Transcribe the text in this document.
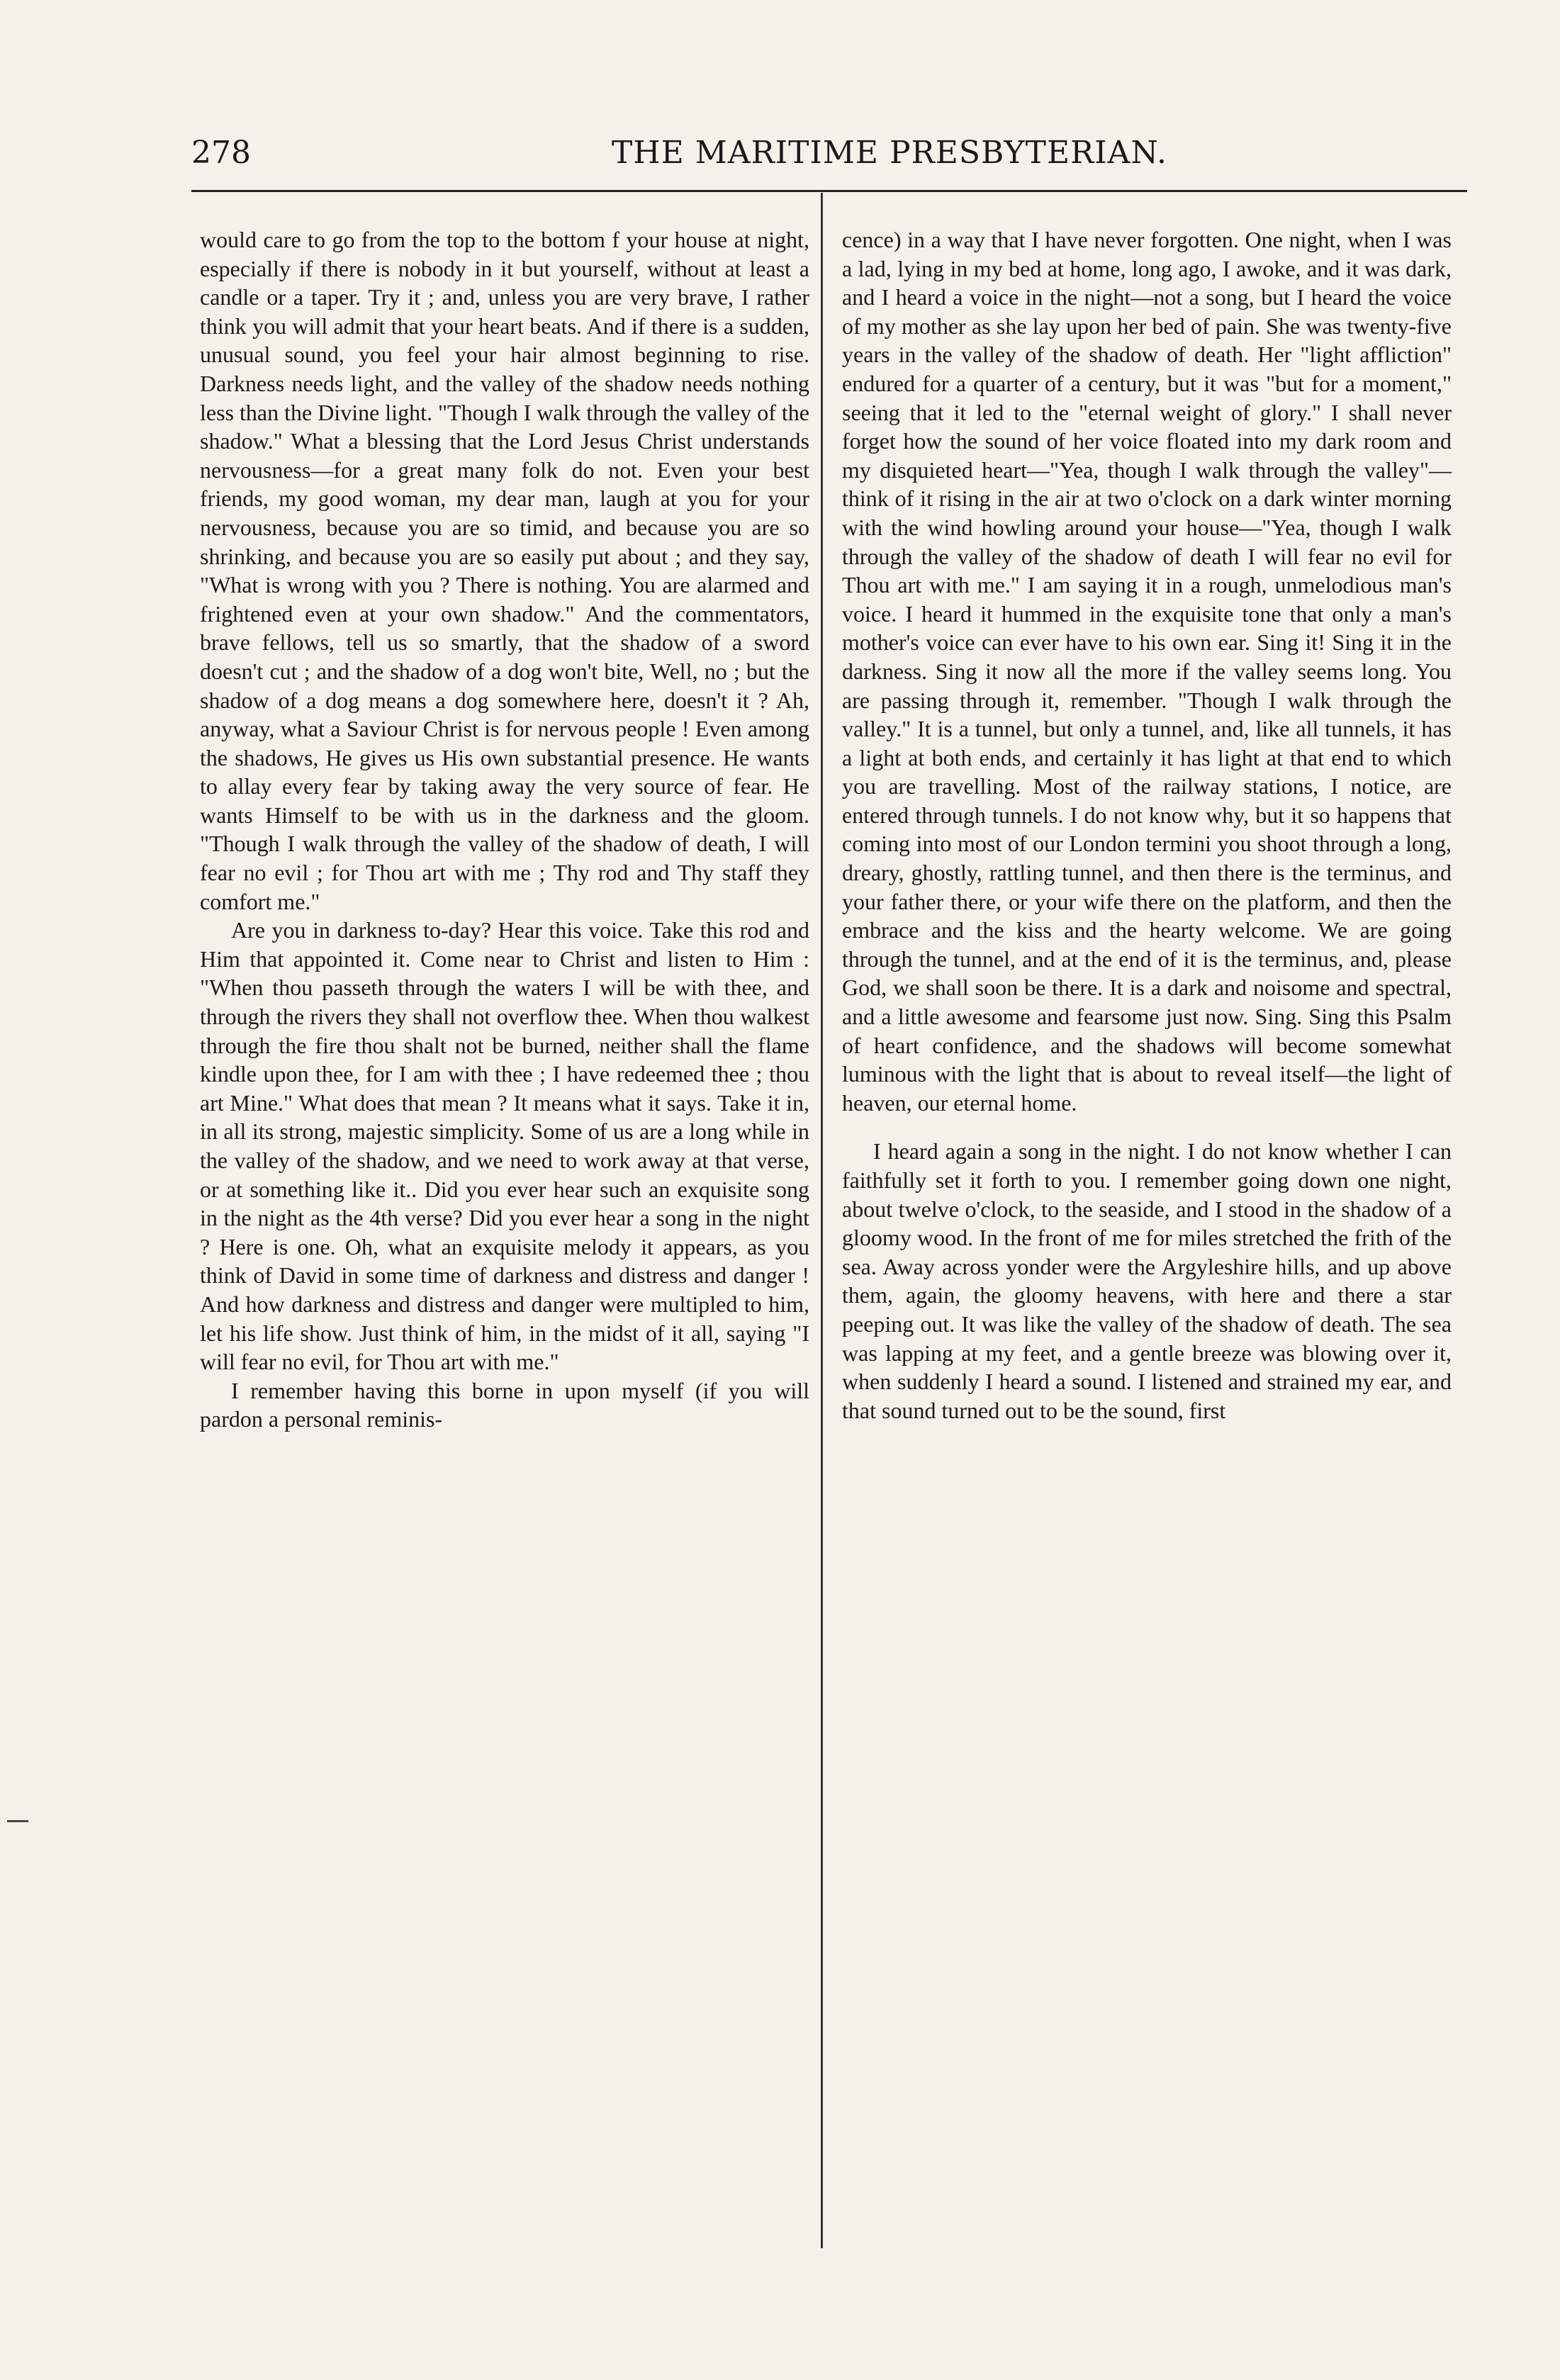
278	THE MARITIME PRESBYTERIAN.

would care to go from the top to the bottom f your house at night, especially if there is nobody in it but yourself, without at least a candle or a taper. Try it ; and, unless you are very brave, I rather think you will admit that your heart beats. And if there is a sudden, unusual sound, you feel your hair almost beginning to rise. Darkness needs light, and the valley of the shadow needs nothing less than the Divine light. "Though I walk through the valley of the shadow." What a blessing that the Lord Jesus Christ understands nervousness—for a great many folk do not. Even your best friends, my good woman, my dear man, laugh at you for your nervousness, because you are so timid, and because you are so shrinking, and because you are so easily put about ; and they say, "What is wrong with you ? There is nothing. You are alarmed and frightened even at your own shadow." And the commentators, brave fellows, tell us so smartly, that the shadow of a sword doesn't cut ; and the shadow of a dog won't bite, Well, no ; but the shadow of a dog means a dog somewhere here, doesn't it ? Ah, anyway, what a Saviour Christ is for nervous people ! Even among the shadows, He gives us His own substantial presence. He wants to allay every fear by taking away the very source of fear. He wants Himself to be with us in the darkness and the gloom. "Though I walk through the valley of the shadow of death, I will fear no evil ; for Thou art with me ; Thy rod and Thy staff they comfort me."

Are you in darkness to-day? Hear this voice. Take this rod and Him that appointed it. Come near to Christ and listen to Him : "When thou passeth through the waters I will be with thee, and through the rivers they shall not overflow thee. When thou walkest through the fire thou shalt not be burned, neither shall the flame kindle upon thee, for I am with thee ; I have redeemed thee ; thou art Mine." What does that mean ? It means what it says. Take it in, in all its strong, majestic simplicity. Some of us are a long while in the valley of the shadow, and we need to work away at that verse, or at something like it.. Did you ever hear such an exquisite song in the night as the 4th verse? Did you ever hear a song in the night ? Here is one. Oh, what an exquisite melody it appears, as you think of David in some time of darkness and distress and danger ! And how darkness and distress and danger were multipled to him, let his life show. Just think of him, in the midst of it all, saying "I will fear no evil, for Thou art with me."

I remember having this borne in upon myself (if you will pardon a personal reminis-

cence) in a way that I have never forgotten. One night, when I was a lad, lying in my bed at home, long ago, I awoke, and it was dark, and I heard a voice in the night—not a song, but I heard the voice of my mother as she lay upon her bed of pain. She was twenty-five years in the valley of the shadow of death. Her "light affliction" endured for a quarter of a century, but it was "but for a moment," seeing that it led to the "eternal weight of glory." I shall never forget how the sound of her voice floated into my dark room and my disquieted heart—"Yea, though I walk through the valley"—think of it rising in the air at two o'clock on a dark winter morning with the wind howling around your house—"Yea, though I walk through the valley of the shadow of death I will fear no evil for Thou art with me." I am saying it in a rough, unmelodious man's voice. I heard it hummed in the exquisite tone that only a man's mother's voice can ever have to his own ear. Sing it! Sing it in the darkness. Sing it now all the more if the valley seems long. You are passing through it, remember. "Though I walk through the valley." It is a tunnel, but only a tunnel, and, like all tunnels, it has a light at both ends, and certainly it has light at that end to which you are travelling. Most of the railway stations, I notice, are entered through tunnels. I do not know why, but it so happens that coming into most of our London termini you shoot through a long, dreary, ghostly, rattling tunnel, and then there is the terminus, and your father there, or your wife there on the platform, and then the embrace and the kiss and the hearty welcome. We are going through the tunnel, and at the end of it is the terminus, and, please God, we shall soon be there. It is a dark and noisome and spectral, and a little awesome and fearsome just now. Sing. Sing this Psalm of heart confidence, and the shadows will become somewhat luminous with the light that is about to reveal itself—the light of heaven, our eternal home.

I heard again a song in the night. I do not know whether I can faithfully set it forth to you. I remember going down one night, about twelve o'clock, to the seaside, and I stood in the shadow of a gloomy wood. In the front of me for miles stretched the frith of the sea. Away across yonder were the Argyleshire hills, and up above them, again, the gloomy heavens, with here and there a star peeping out. It was like the valley of the shadow of death. The sea was lapping at my feet, and a gentle breeze was blowing over it, when suddenly I heard a sound. I listened and strained my ear, and that sound turned out to be the sound, first
